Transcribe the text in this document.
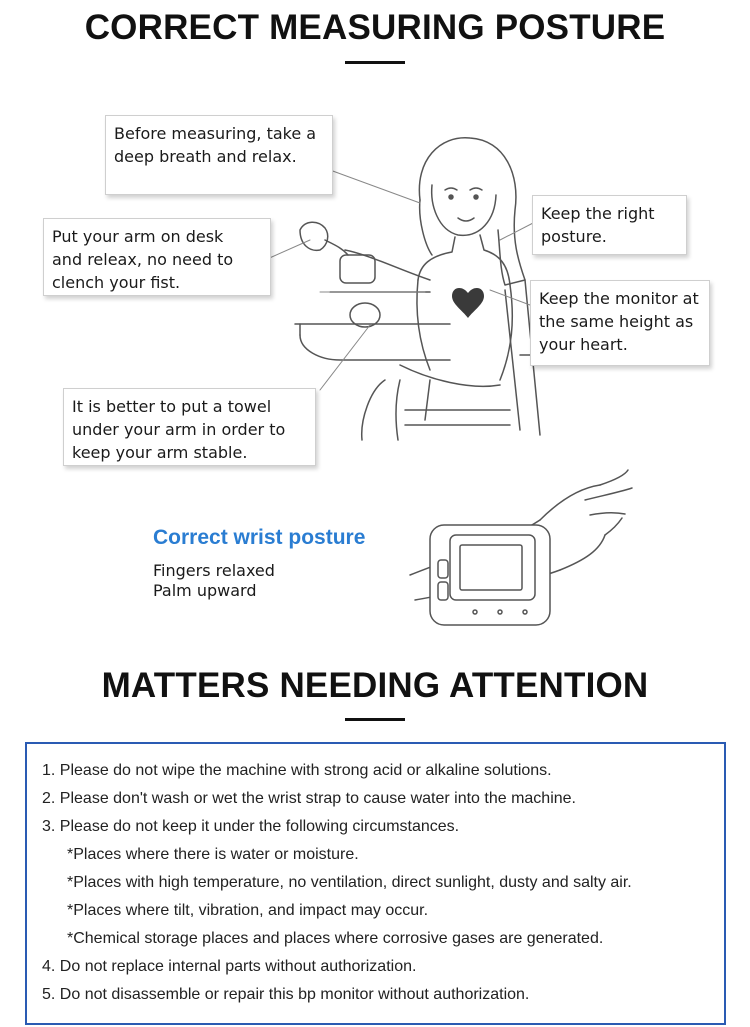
CORRECT MEASURING POSTURE
Before measuring, take a
deep breath and relax.
Put your arm on desk
and releax, no need to
clench your fist.
It is better to put a towel
under your arm in order to
keep your arm stable.
Keep the right
posture.
Keep the monitor at
the same height as
your heart.
Correct wrist posture
Fingers relaxed
Palm upward
MATTERS NEEDING ATTENTION
1. Please do not wipe the machine with strong acid or alkaline solutions.
2. Please don't wash or wet the wrist strap to cause water into the machine.
3. Please do not keep it under the following circumstances.
*Places where there is water or moisture.
*Places with high temperature, no ventilation, direct sunlight, dusty and salty air.
*Places where tilt, vibration, and impact may occur.
*Chemical storage places and places where corrosive gases are generated.
4. Do not replace internal parts without authorization.
5. Do not disassemble or repair this bp monitor without authorization.
